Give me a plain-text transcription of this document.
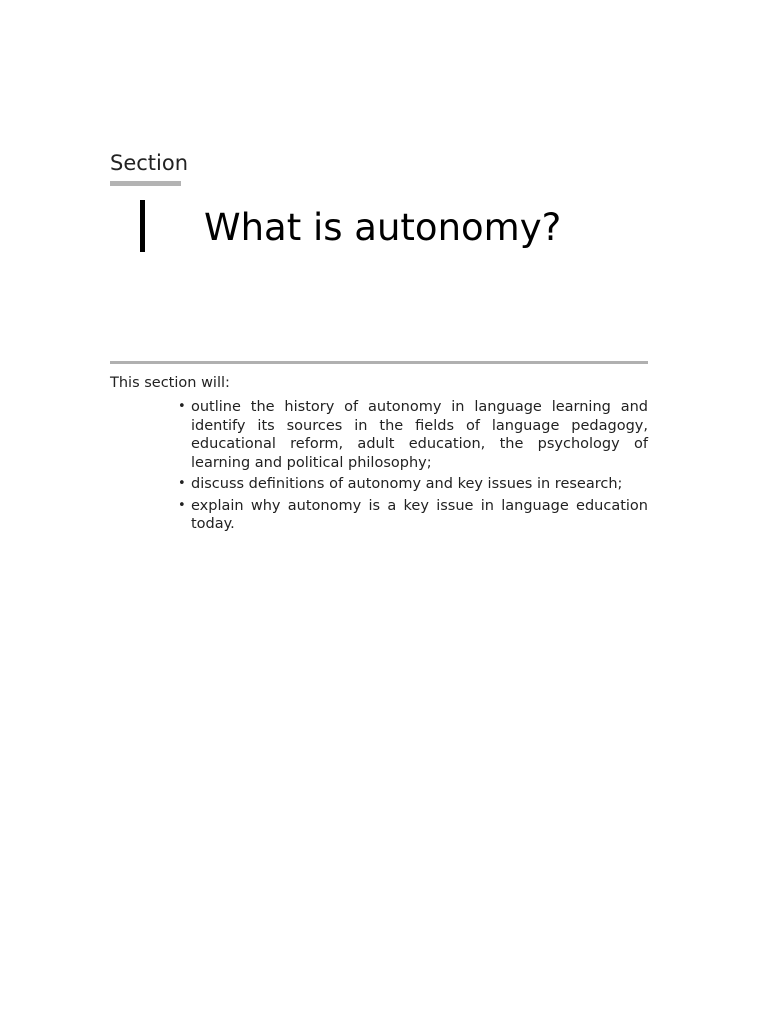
Section
What is autonomy?
This section will:
• outline the history of autonomy in language learning and identify its sources in the fields of language pedagogy, educational reform, adult education, the psychology of learning and political philosophy;
• discuss definitions of autonomy and key issues in research;
• explain why autonomy is a key issue in language education today.
